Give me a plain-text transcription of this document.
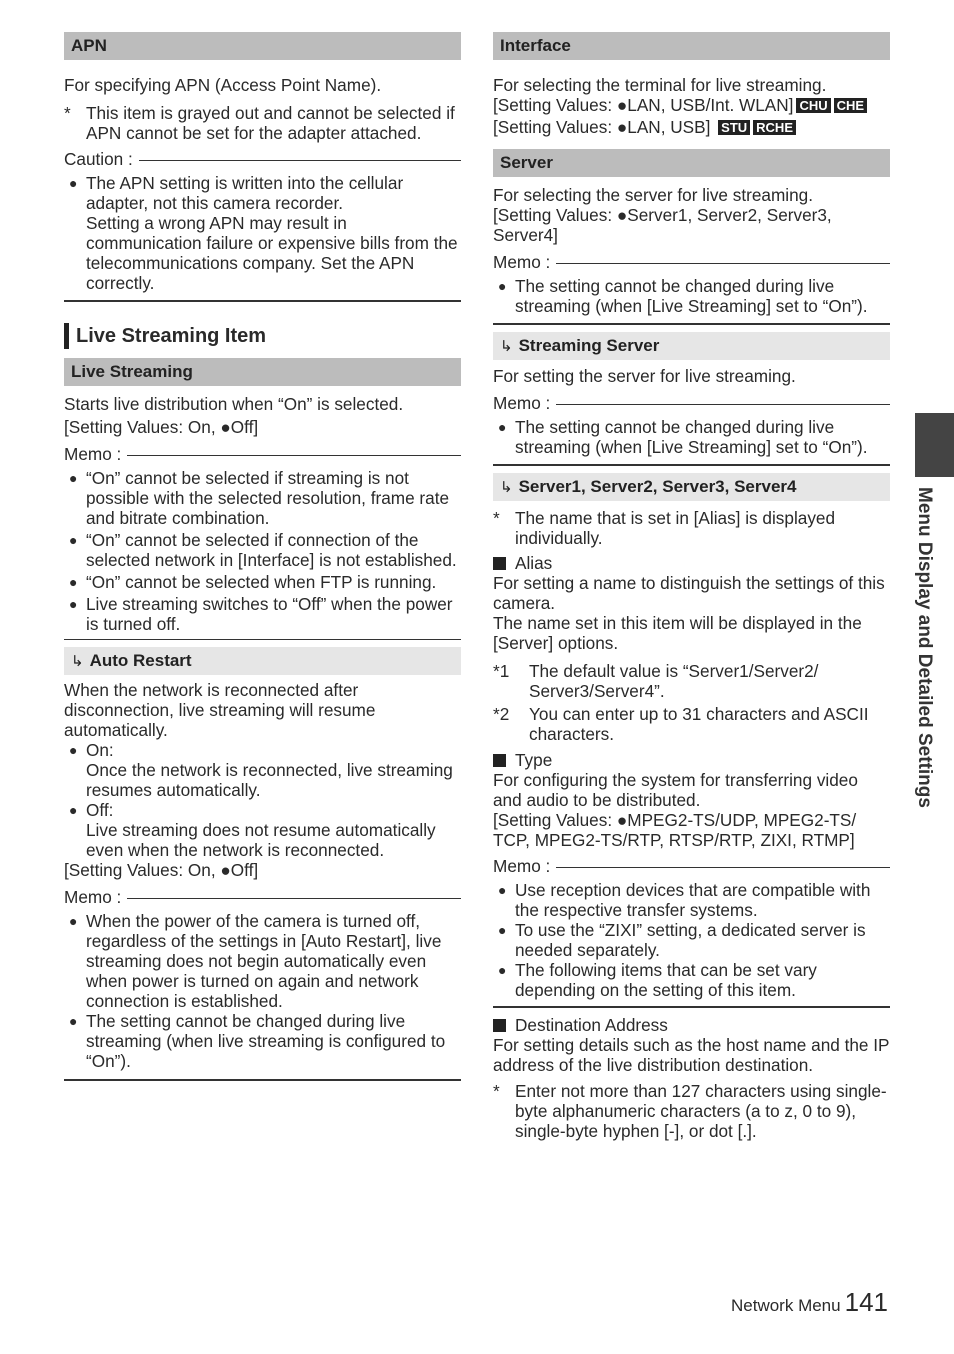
APN
For specifying APN (Access Point Name).
* This item is grayed out and cannot be selected if APN cannot be set for the adapter attached.
Caution :
● The APN setting is written into the cellular adapter, not this camera recorder.
Setting a wrong APN may result in communication failure or expensive bills from the telecommunications company. Set the APN correctly.
Live Streaming Item
Live Streaming
Starts live distribution when “On” is selected.
[Setting Values: On, ●Off]
Memo :
● “On” cannot be selected if streaming is not possible with the selected resolution, frame rate and bitrate combination.
● “On” cannot be selected if connection of the selected network in [Interface] is not established.
● “On” cannot be selected when FTP is running.
● Live streaming switches to “Off” when the power is turned off.
↳ Auto Restart
When the network is reconnected after disconnection, live streaming will resume automatically.
● On:
Once the network is reconnected, live streaming resumes automatically.
● Off:
Live streaming does not resume automatically even when the network is reconnected.
[Setting Values: On, ●Off]
Memo :
● When the power of the camera is turned off, regardless of the settings in [Auto Restart], live streaming does not begin automatically even when power is turned on again and network connection is established.
● The setting cannot be changed during live streaming (when live streaming is configured to “On”).
Interface
For selecting the terminal for live streaming.
[Setting Values: ●LAN, USB/Int. WLAN] CHU CHE
[Setting Values: ●LAN, USB] STU RCHE
Server
For selecting the server for live streaming.
[Setting Values: ●Server1, Server2, Server3, Server4]
Memo :
● The setting cannot be changed during live streaming (when [Live Streaming] set to “On”).
↳ Streaming Server
For setting the server for live streaming.
Memo :
● The setting cannot be changed during live streaming (when [Live Streaming] set to “On”).
↳ Server1, Server2, Server3, Server4
* The name that is set in [Alias] is displayed individually.
Alias
For setting a name to distinguish the settings of this camera.
The name set in this item will be displayed in the [Server] options.
*1 The default value is “Server1/Server2/ Server3/Server4”.
*2 You can enter up to 31 characters and ASCII characters.
Type
For configuring the system for transferring video and audio to be distributed.
[Setting Values: ●MPEG2-TS/UDP, MPEG2-TS/ TCP, MPEG2-TS/RTP, RTSP/RTP, ZIXI, RTMP]
Memo :
● Use reception devices that are compatible with the respective transfer systems.
● To use the “ZIXI” setting, a dedicated server is needed separately.
● The following items that can be set vary depending on the setting of this item.
Destination Address
For setting details such as the host name and the IP address of the live distribution destination.
* Enter not more than 127 characters using single-byte alphanumeric characters (a to z, 0 to 9), single-byte hyphen [-], or dot [.].
Menu Display and Detailed Settings
Network Menu 141
